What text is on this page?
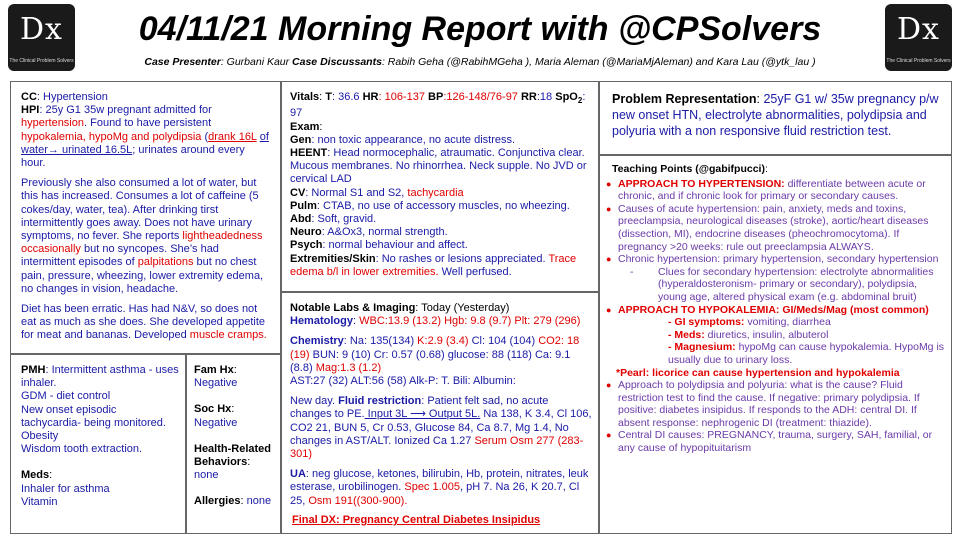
Dx
The Clinical Problem Solvers
Dx
The Clinical Problem Solvers
04/11/21 Morning Report with @CPSolvers
Case Presenter: Gurbani Kaur Case Discussants: Rabih Geha (@RabihMGeha ), Maria Aleman (@MariaMjAleman) and Kara Lau (@ytk_lau )
CC: Hypertension

HPI: 25y G1 35w pregnant admitted for hypertension. Found to have persistent hypokalemia, hypoMg and polydipsia (drank 16L of water→ urinated 16.5L; urinates around every hour.

Previously she also consumed a lot of water, but this has increased. Consumes a lot of caffeine (5 cokes/day, water, tea). After drinking tirst intermittently goes away. Does not have urinary symptoms, no fever. She reports lightheadedness occasionally but no syncopes. She’s had intermittent episodes of palpitations but no chest pain, pressure, wheezing, lower extremity edema, no changes in vision, headache.

Diet has been erratic. Has had N&V, so does not eat as much as she does. She developed appetite for meat and bananas. Developed muscle cramps.

PMH: Intermittent asthma - uses inhaler.
GDM - diet control
New onset episodic tachycardia- being monitored.
Obesity
Wisdom tooth extraction.
Meds:
Inhaler for asthma
Vitamin
Fam Hx:
Negative
Soc Hx:
Negative
Health-Related Behaviors:
none
Allergies: none
Vitals: T: 36.6 HR: 106-137 BP:126-148/76-97 RR:18 SpO$_2$: 97
Exam:
Gen: non toxic appearance, no acute distress.
HEENT: Head normocephalic, atraumatic. Conjunctiva clear. Mucous membranes. No rhinorrhea. Neck supple. No JVD or cervical LAD
CV: Normal S1 and S2, tachycardia
Pulm: CTAB, no use of accessory muscles, no wheezing.
Abd: Soft, gravid.
Neuro: A&Ox3, normal strength.
Psych: normal behaviour and affect.
Extremities/Skin: No rashes or lesions appreciated. Trace edema b/l in lower extremities. Well perfused.
Notable Labs & Imaging: Today (Yesterday)

Hematology: WBC:13.9 (13.2) Hgb: 9.8 (9.7) Plt: 279 (296)

Chemistry: Na: 135(134) K:2.9 (3.4) Cl: 104 (104) CO2: 18 (19) BUN: 9 (10) Cr: 0.57 (0.68) glucose: 88 (118) Ca: 9.1 (8.8) Mag:1.3 (1.2)
AST:27 (32) ALT:56 (58) Alk-P: T. Bili: Albumin:

New day. Fluid restriction: Patient felt sad, no acute changes to PE. Input 3L ⟶ Output 5L. Na 138, K 3.4, Cl 106, CO2 21, BUN 5, Cr 0.53, Glucose 84, Ca 8.7, Mg 1.4, No changes in AST/ALT. Ionized Ca 1.27 Serum Osm 277 (283-301)

UA: neg glucose, ketones, bilirubin, Hb, protein, nitrates, leuk esterase, urobilinogen. Spec 1.005, pH 7. Na 26, K 20.7, Cl 25, Osm 191((300-900).

Final DX: Pregnancy Central Diabetes Insipidus
Problem Representation: 25yF G1 w/ 35w pregnancy p/w new onset HTN, electrolyte abnormalities, polydipsia and polyuria with a non responsive fluid restriction test.
Teaching Points (@gabifpucci):
● APPROACH TO HYPERTENSION: differentiate between acute or chronic, and if chronic look for primary or secondary causes.
● Causes of acute hypertension: pain, anxiety, meds and toxins, preeclampsia, neurological diseases (stroke), aortic/heart diseases (dissection, MI), endocrine diseases (pheochromocytoma). If pregnancy >20 weeks: rule out preeclampsia ALWAYS.
● Chronic hypertension: primary hypertension, secondary hypertension
- Clues for secondary hypertension: electrolyte abnormalities (hyperaldosteronism- primary or secondary), polydipsia, young age, altered physical exam (e.g. abdominal bruit)
● APPROACH TO HYPOKALEMIA: GI/Meds/Mag (most common)
- GI symptoms: vomiting, diarrhea
- Meds: diuretics, insulin, albuterol
- Magnesium: hypoMg can cause hypokalemia. HypoMg is usually due to urinary loss.
*Pearl: licorice can cause hypertension and hypokalemia
● Approach to polydipsia and polyuria: what is the cause? Fluid restriction test to find the cause. If negative: primary polydipsia. If positive: diabetes insipidus. If responds to the ADH: central DI. If absent response: nephrogenic DI (treatment: thiazide).
● Central DI causes: PREGNANCY, trauma, surgery, SAH, familial, or any cause of hypopituitarism
